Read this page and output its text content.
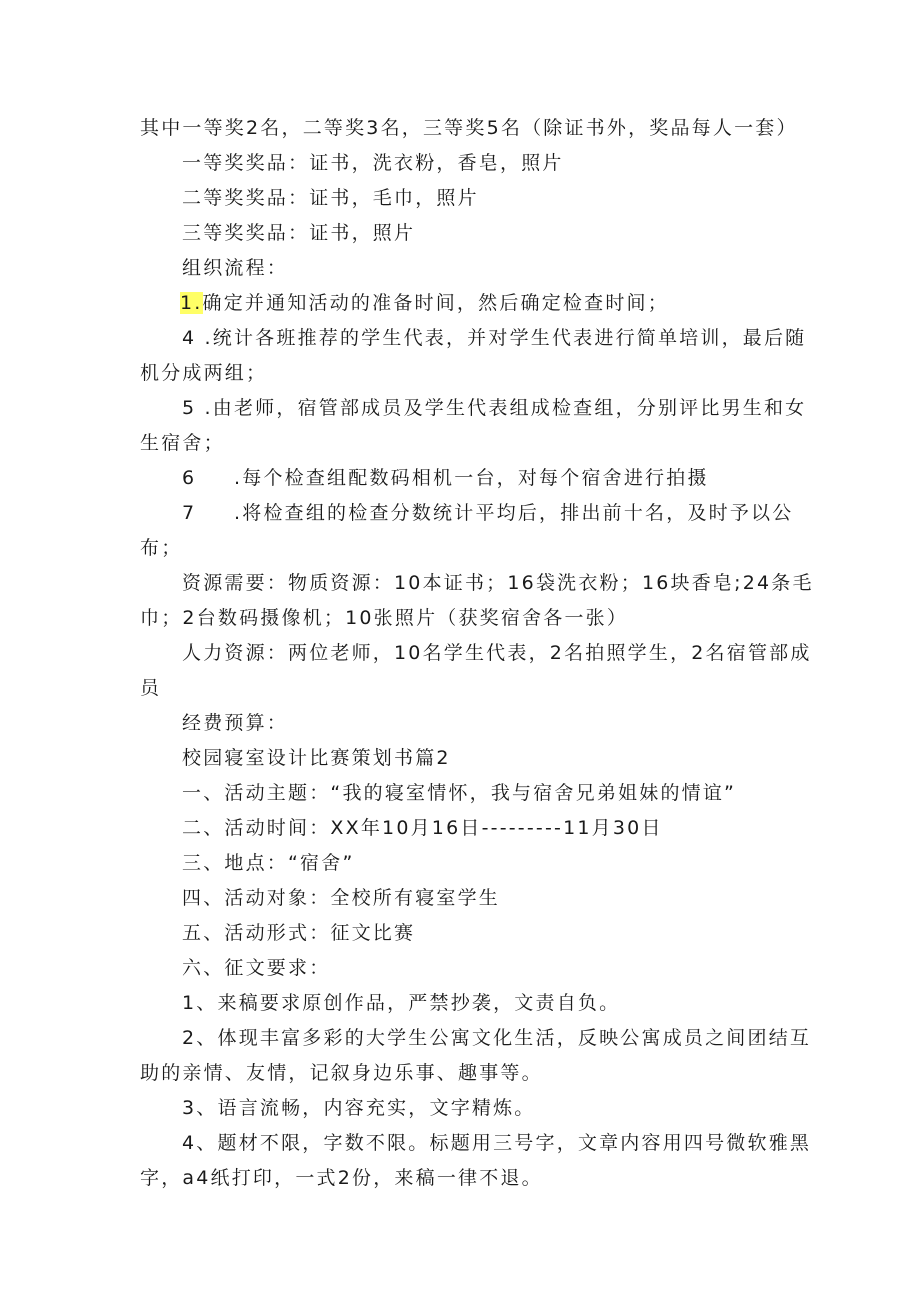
其中一等奖2名，二等奖3名，三等奖5名（除证书外，奖品每人一套）
一等奖奖品：证书，洗衣粉，香皂，照片
二等奖奖品：证书，毛巾，照片
三等奖奖品：证书，照片
组织流程：
1.确定并通知活动的准备时间，然后确定检查时间；
4 .统计各班推荐的学生代表，并对学生代表进行简单培训，最后随
机分成两组；
5 .由老师，宿管部成员及学生代表组成检查组，分别评比男生和女
生宿舍；
6 .每个检查组配数码相机一台，对每个宿舍进行拍摄
7 .将检查组的检查分数统计平均后，排出前十名，及时予以公
布；
资源需要：物质资源：10本证书；16袋洗衣粉；16块香皂;24条毛
巾；2台数码摄像机；10张照片（获奖宿舍各一张）
人力资源：两位老师，10名学生代表，2名拍照学生，2名宿管部成
员
经费预算：
校园寝室设计比赛策划书篇2
一、活动主题：“我的寝室情怀，我与宿舍兄弟姐妹的情谊”
二、活动时间：XX年10月16日---------11月30日
三、地点：“宿舍”
四、活动对象：全校所有寝室学生
五、活动形式：征文比赛
六、征文要求：
1、来稿要求原创作品，严禁抄袭，文责自负。
2、体现丰富多彩的大学生公寓文化生活，反映公寓成员之间团结互
助的亲情、友情，记叙身边乐事、趣事等。
3、语言流畅，内容充实，文字精炼。
4、题材不限，字数不限。标题用三号字，文章内容用四号微软雅黑
字，a4纸打印，一式2份，来稿一律不退。
